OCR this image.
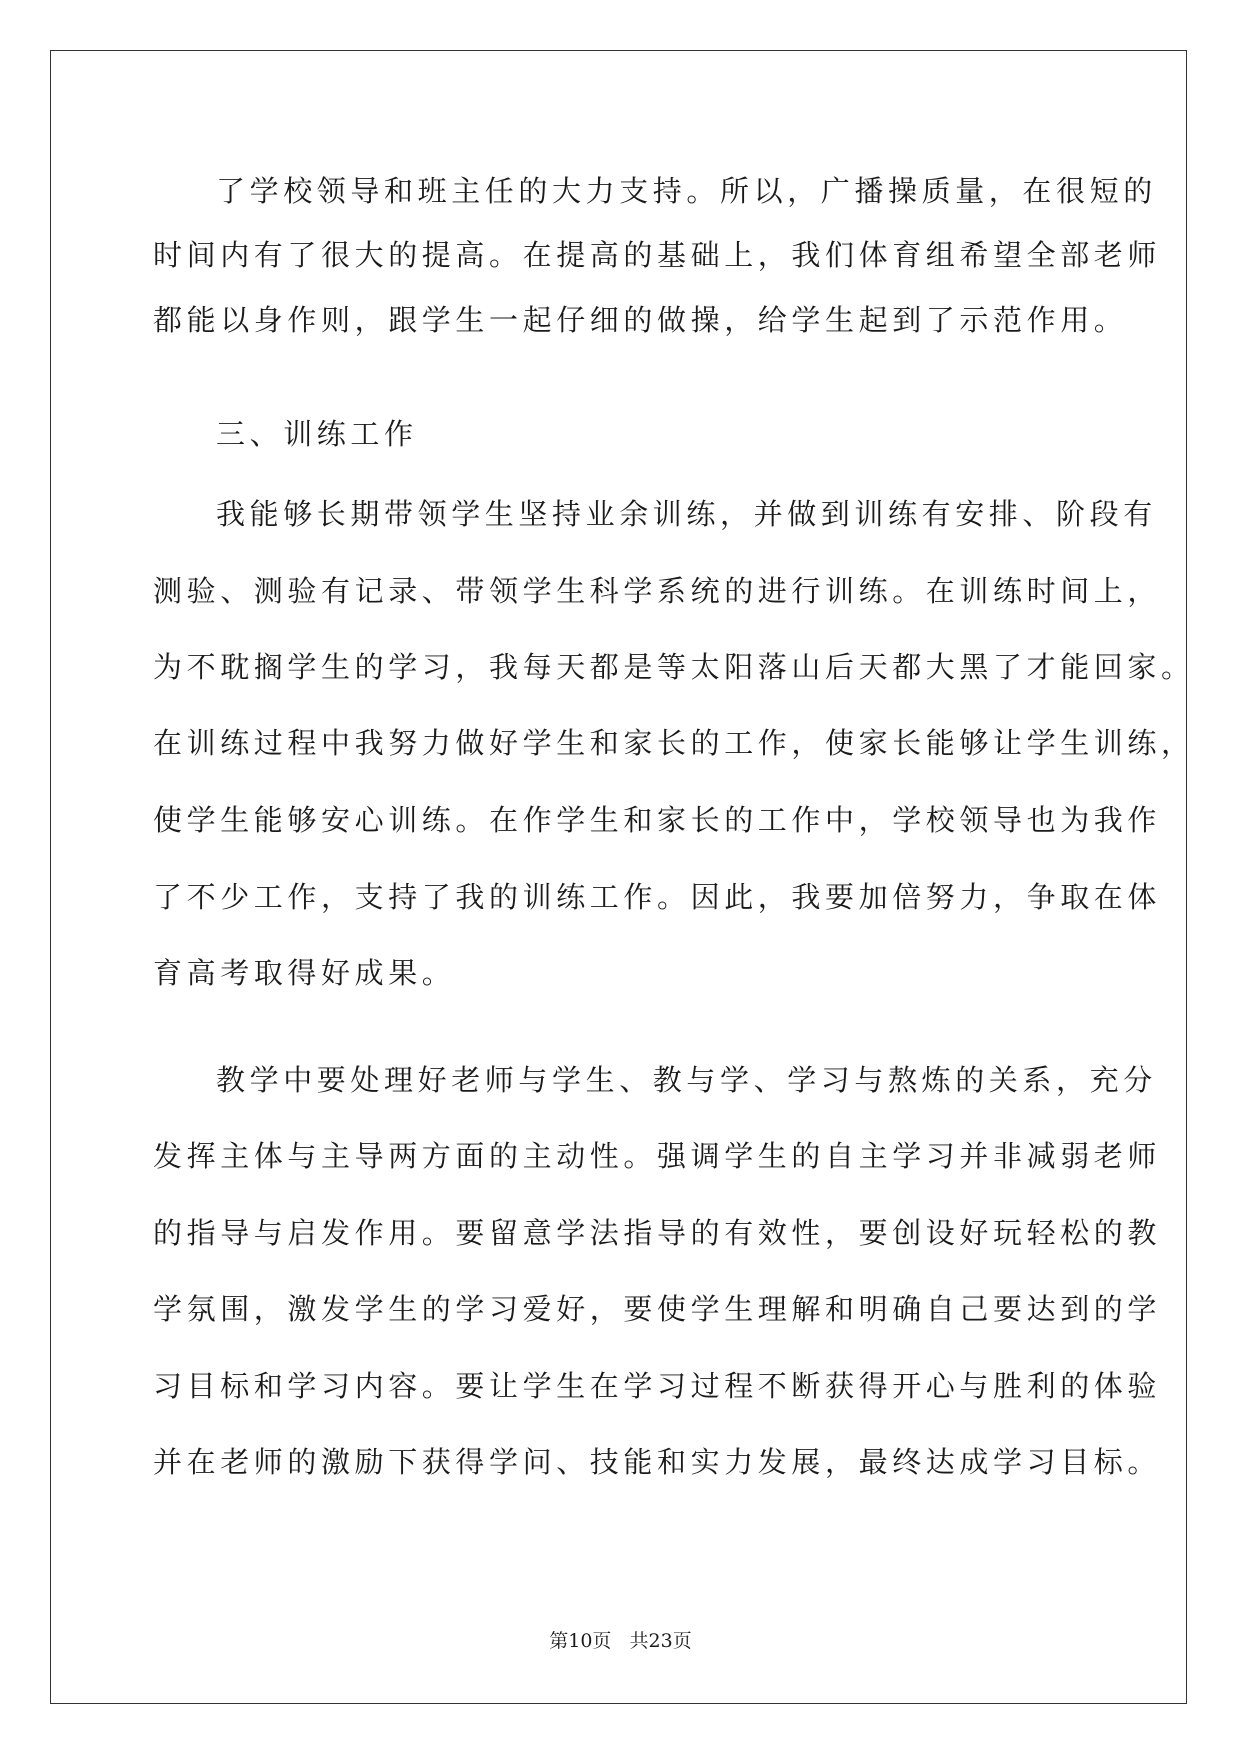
了学校领导和班主任的大力支持。所以，广播操质量，在很短的
时间内有了很大的提高。在提高的基础上，我们体育组希望全部老师
都能以身作则，跟学生一起仔细的做操，给学生起到了示范作用。
三、训练工作
我能够长期带领学生坚持业余训练，并做到训练有安排、阶段有
测验、测验有记录、带领学生科学系统的进行训练。在训练时间上，
为不耽搁学生的学习，我每天都是等太阳落山后天都大黑了才能回家。
在训练过程中我努力做好学生和家长的工作，使家长能够让学生训练，
使学生能够安心训练。在作学生和家长的工作中，学校领导也为我作
了不少工作，支持了我的训练工作。因此，我要加倍努力，争取在体
育高考取得好成果。
教学中要处理好老师与学生、教与学、学习与熬炼的关系，充分
发挥主体与主导两方面的主动性。强调学生的自主学习并非减弱老师
的指导与启发作用。要留意学法指导的有效性，要创设好玩轻松的教
学氛围，激发学生的学习爱好，要使学生理解和明确自己要达到的学
习目标和学习内容。要让学生在学习过程不断获得开心与胜利的体验
并在老师的激励下获得学问、技能和实力发展，最终达成学习目标。
第10页   共23页
